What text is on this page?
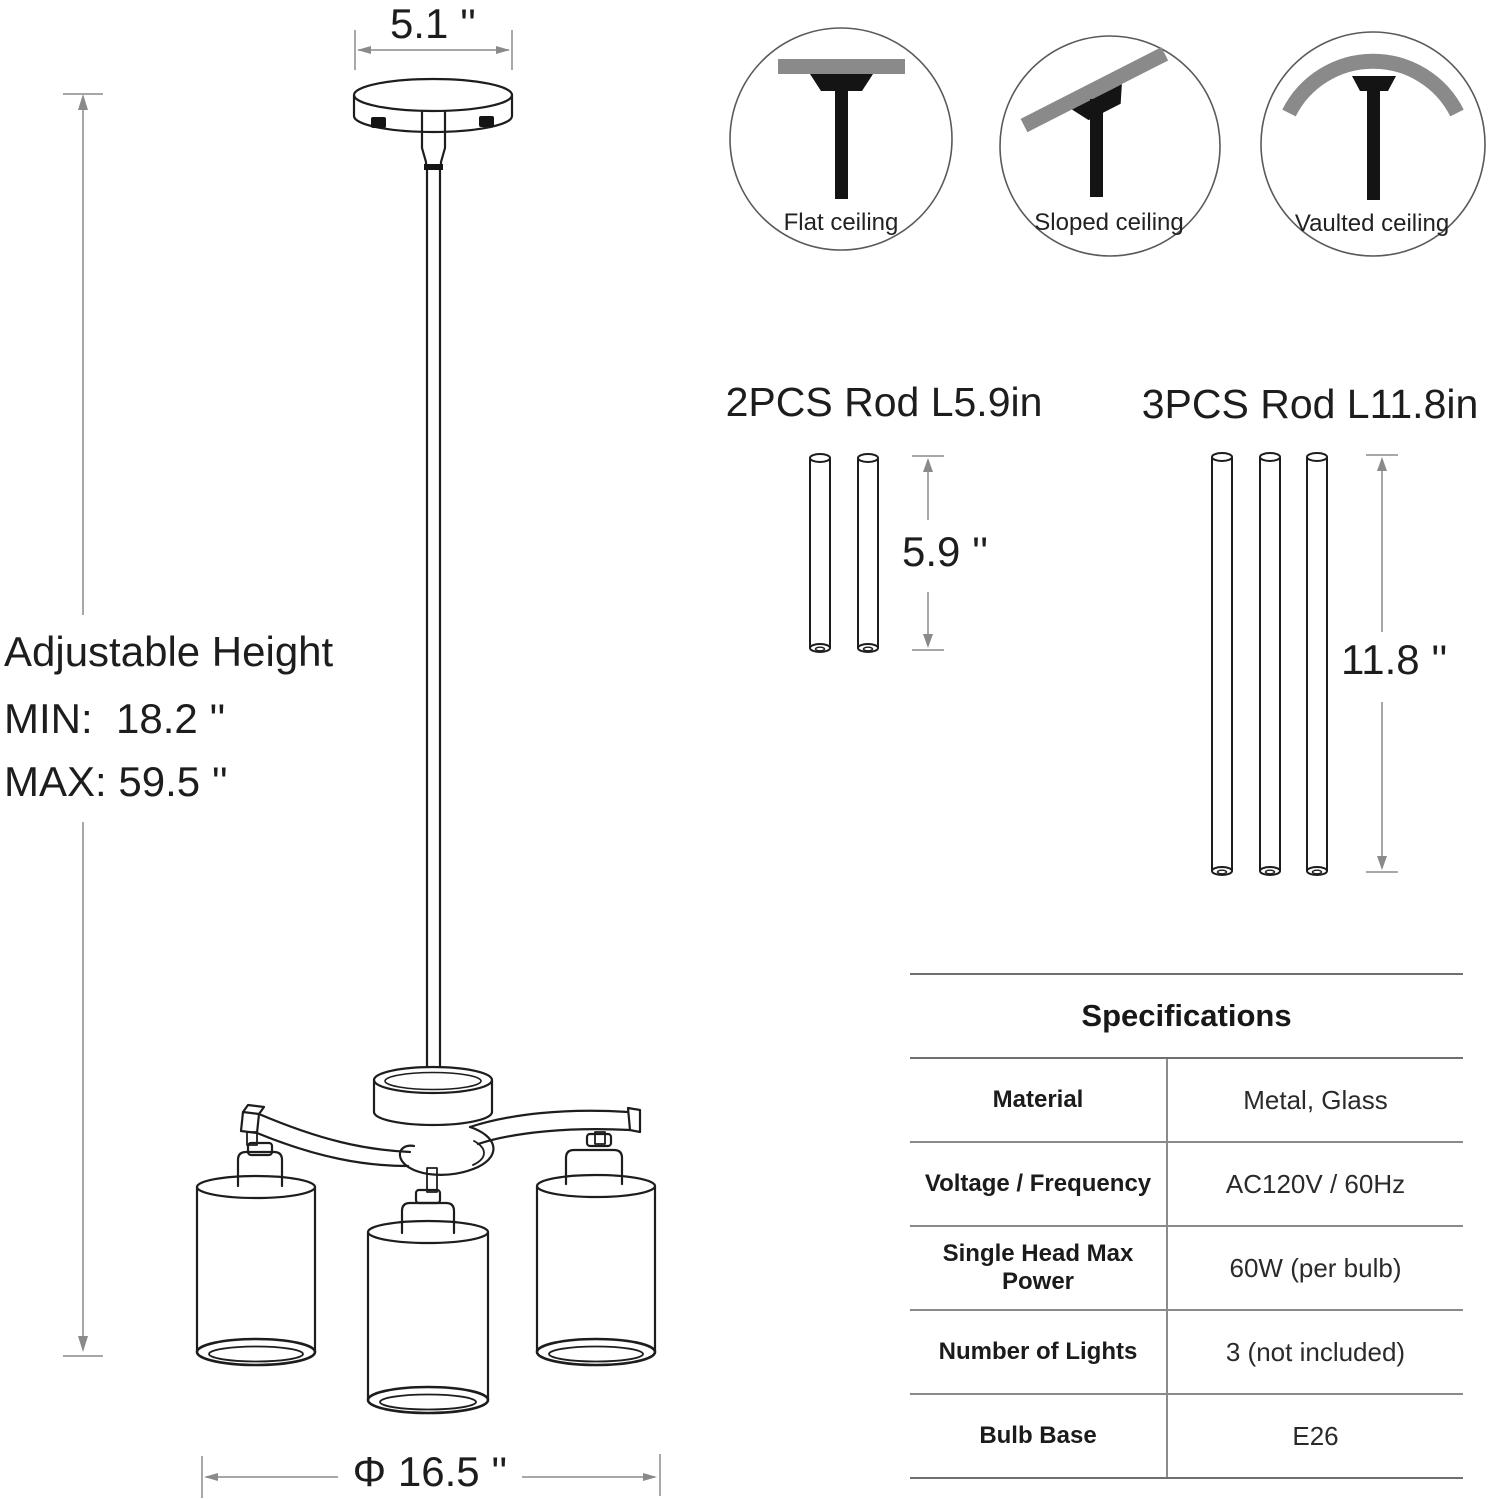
5.1 ''
Adjustable Height
MIN:  18.2 ''
MAX: 59.5 ''
Φ 16.5 ''
Flat ceiling	Sloped ceiling	Vaulted ceiling
2PCS Rod L5.9in 3PCS Rod L11.8in
5.9 ''
11.8 ''
Specifications
Material	Metal, Glass
Voltage / Frequency	AC120V / 60Hz
Single Head Max Power	60W (per bulb)
Number of Lights	3 (not included)
Bulb Base	E26
